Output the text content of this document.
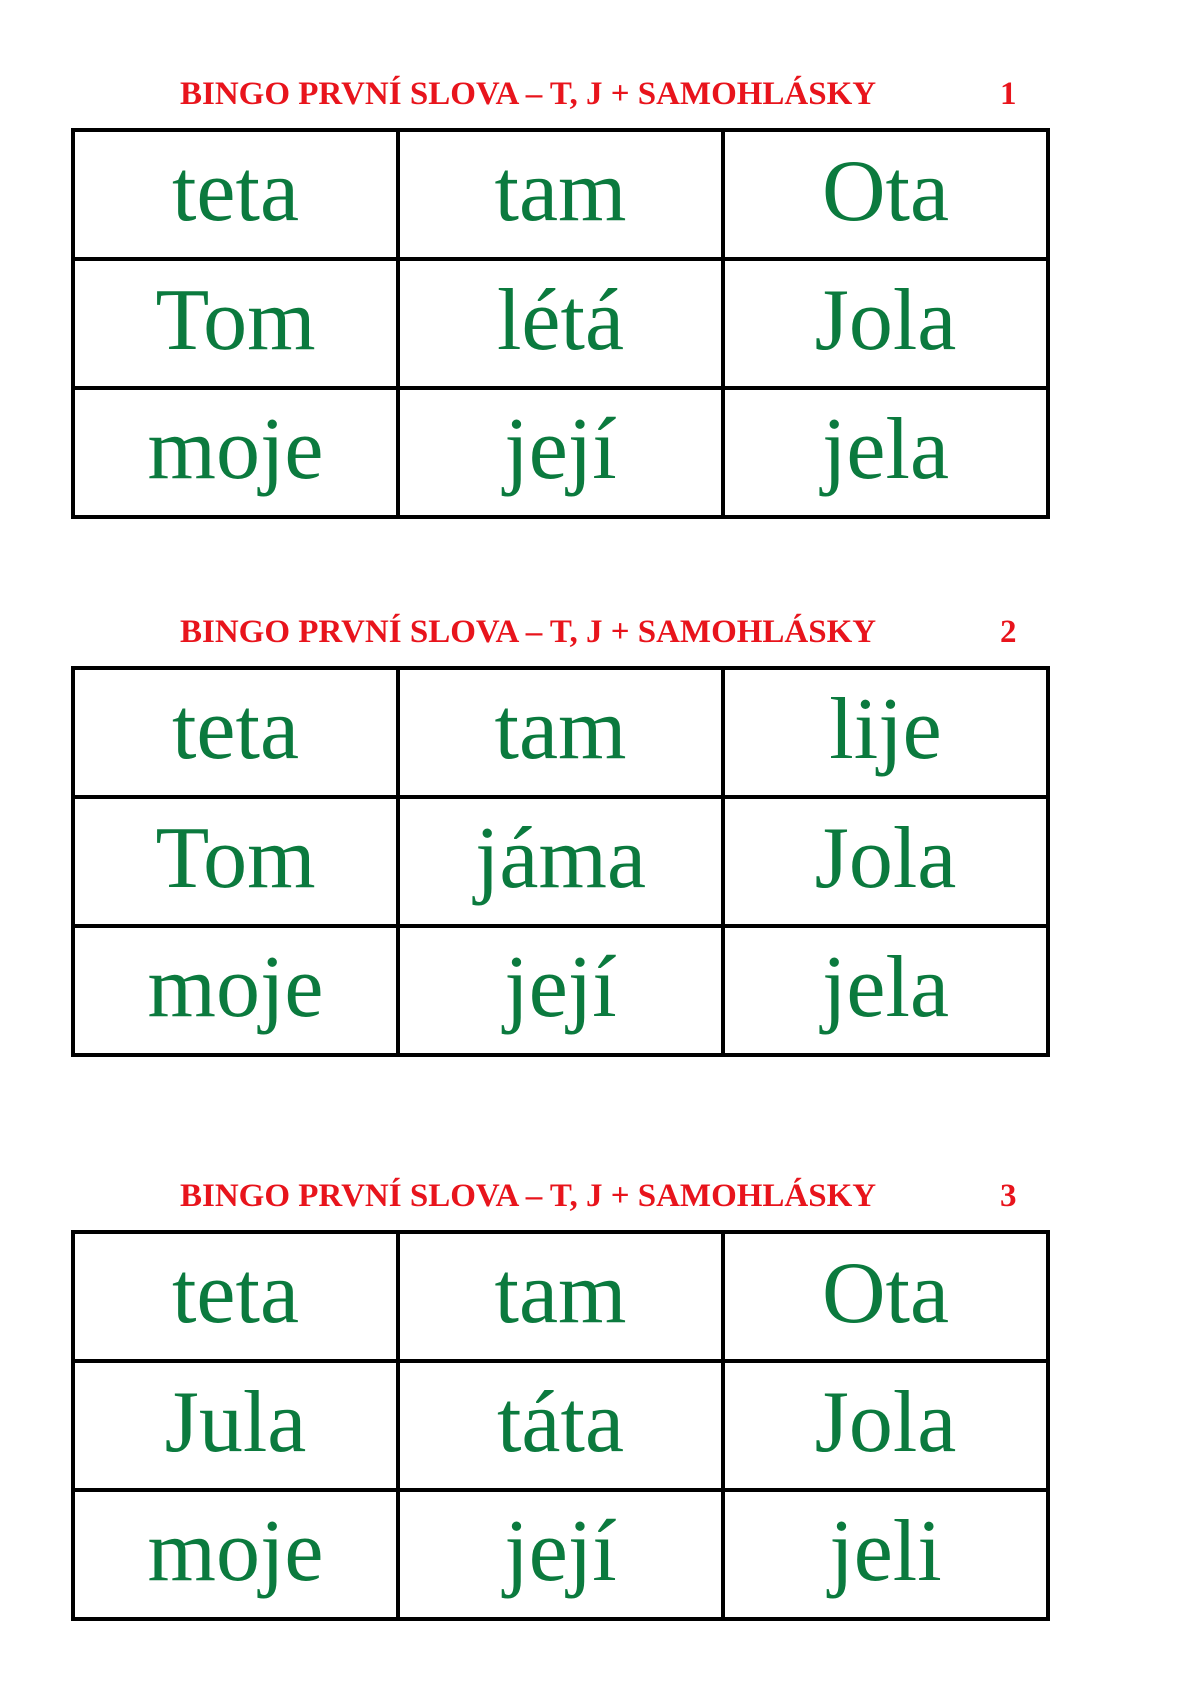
BINGO PRVNÍ SLOVA – T, J + SAMOHLÁSKY	1
teta	tam	Ota
Tom	létá	Jola
moje	její	jela
BINGO PRVNÍ SLOVA – T, J + SAMOHLÁSKY	2
teta	tam	lije
Tom	jáma	Jola
moje	její	jela
BINGO PRVNÍ SLOVA – T, J + SAMOHLÁSKY	3
teta	tam	Ota
Jula	táta	Jola
moje	její	jeli
